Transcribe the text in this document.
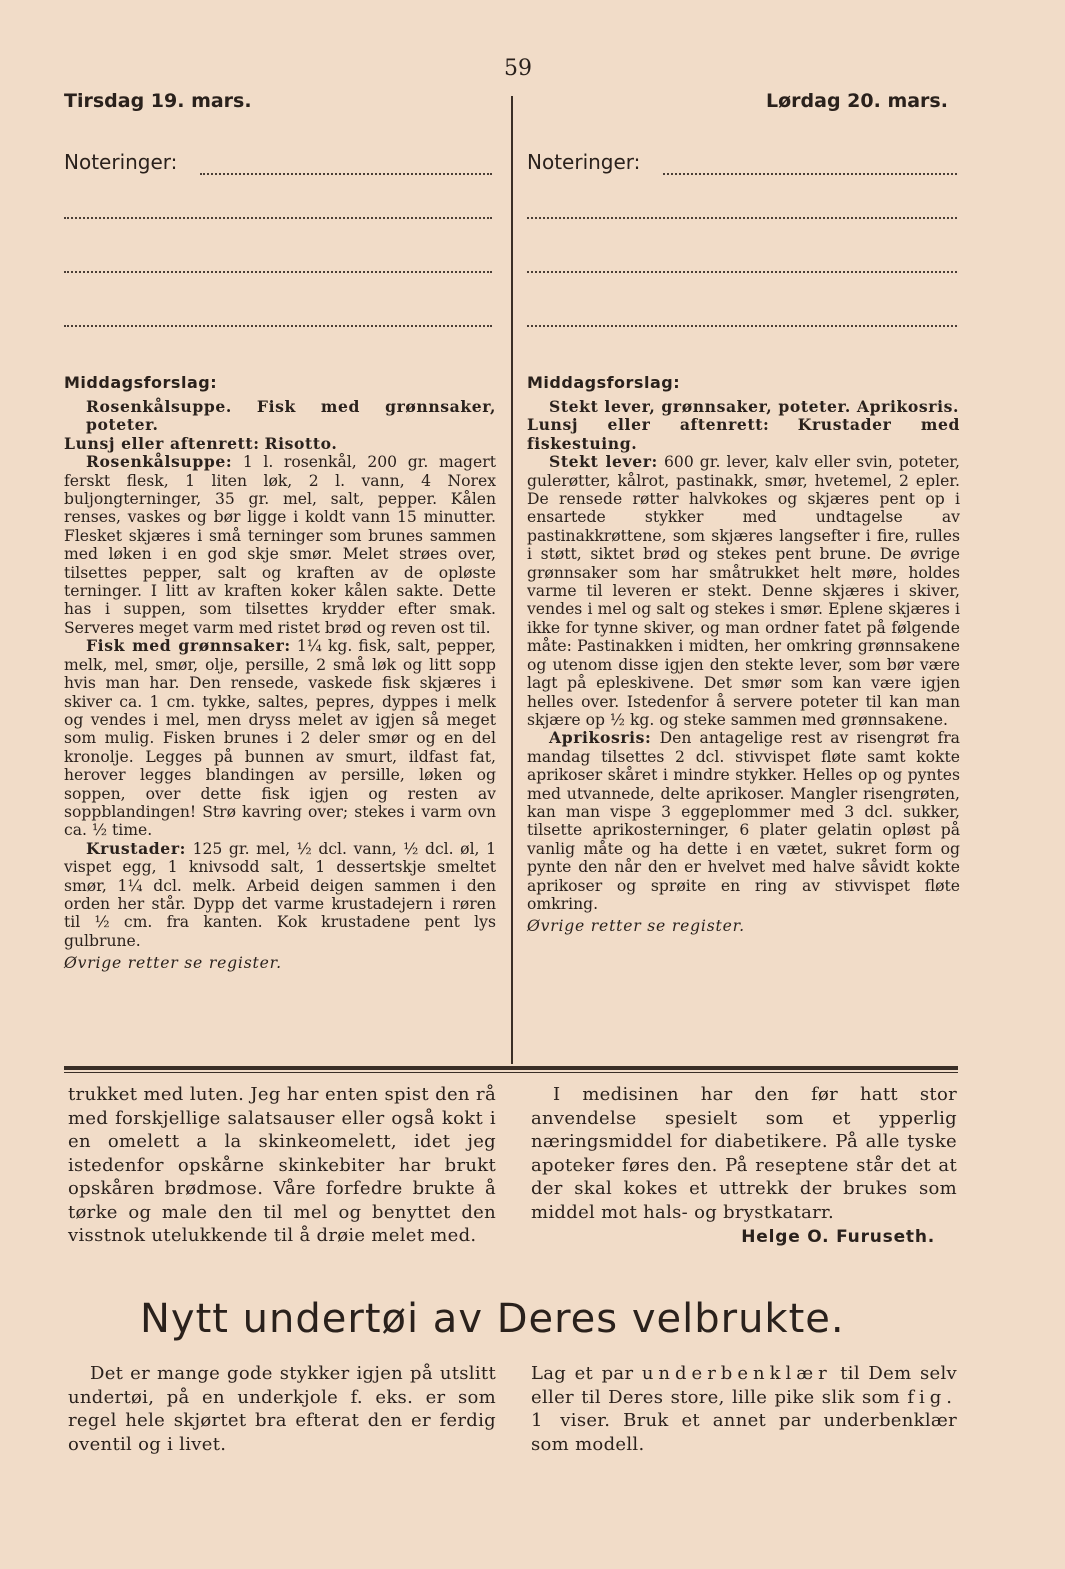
59
Tirsdag 19. mars.
Noteringer:
Middagsforslag:

Rosenkålsuppe. Fisk med grønnsaker, poteter.

Lunsj eller aftenrett: Risotto.

Rosenkålsuppe: 1 l. rosenkål, 200 gr. magert ferskt flesk, 1 liten løk, 2 l. vann, 4 Norex buljongterninger, 35 gr. mel, salt, pepper. Kålen renses, vaskes og bør ligge i koldt vann 15 minutter. Flesket skjæres i små terninger som brunes sammen med løken i en god skje smør. Melet strøes over, tilsettes pepper, salt og kraften av de opløste terninger. I litt av kraften koker kålen sakte. Dette has i suppen, som tilsettes krydder efter smak. Serveres meget varm med ristet brød og reven ost til.

Fisk med grønnsaker: 1¼ kg. fisk, salt, pepper, melk, mel, smør, olje, persille, 2 små løk og litt sopp hvis man har. Den rensede, vaskede fisk skjæres i skiver ca. 1 cm. tykke, saltes, pepres, dyppes i melk og vendes i mel, men dryss melet av igjen så meget som mulig. Fisken brunes i 2 deler smør og en del kronolje. Legges på bunnen av smurt, ildfast fat, herover legges blandingen av persille, løken og soppen, over dette fisk igjen og resten av soppblandingen! Strø kavring over; stekes i varm ovn ca. ½ time.

Krustader: 125 gr. mel, ½ dcl. vann, ½ dcl. øl, 1 vispet egg, 1 knivsodd salt, 1 dessertskje smeltet smør, 1¼ dcl. melk. Arbeid deigen sammen i den orden her står. Dypp det varme krustadejern i røren til ½ cm. fra kanten. Kok krustadene pent lys gulbrune.

Øvrige retter se register.

Lørdag 20. mars.
Noteringer:
Middagsforslag:

Stekt lever, grønnsaker, poteter. Aprikosris.

Lunsj eller aftenrett: Krustader med fiskestuing.

Stekt lever: 600 gr. lever, kalv eller svin, poteter, gulerøtter, kålrot, pastinakk, smør, hvetemel, 2 epler. De rensede røtter halvkokes og skjæres pent op i ensartede stykker med undtagelse av pastinakkrøttene, som skjæres langsefter i fire, rulles i støtt, siktet brød og stekes pent brune. De øvrige grønnsaker som har småtrukket helt møre, holdes varme til leveren er stekt. Denne skjæres i skiver, vendes i mel og salt og stekes i smør. Eplene skjæres i ikke for tynne skiver, og man ordner fatet på følgende måte: Pastinakken i midten, her omkring grønnsakene og utenom disse igjen den stekte lever, som bør være lagt på epleskivene. Det smør som kan være igjen helles over. Istedenfor å servere poteter til kan man skjære op ½ kg. og steke sammen med grønnsakene.

Aprikosris: Den antagelige rest av risengrøt fra mandag tilsettes 2 dcl. stivvispet fløte samt kokte aprikoser skåret i mindre stykker. Helles op og pyntes med utvannede, delte aprikoser. Mangler risengrøten, kan man vispe 3 eggeplommer med 3 dcl. sukker, tilsette aprikosterninger, 6 plater gelatin opløst på vanlig måte og ha dette i en vætet, sukret form og pynte den når den er hvelvet med halve såvidt kokte aprikoser og sprøite en ring av stivvispet fløte omkring.

Øvrige retter se register.

trukket med luten. Jeg har enten spist den rå med forskjellige salatsauser eller også kokt i en omelett a la skinkeomelett, idet jeg istedenfor opskårne skinkebiter har brukt opskåren brødmose. Våre forfedre brukte å tørke og male den til mel og benyttet den visstnok utelukkende til å drøie melet med.

I medisinen har den før hatt stor anvendelse spesielt som et ypperlig næringsmiddel for diabetikere. På alle tyske apoteker føres den. På reseptene står det at der skal kokes et uttrekk der brukes som middel mot hals- og brystkatarr.

Helge O. Furuseth.

Nytt undertøi av Deres velbrukte.

Det er mange gode stykker igjen på utslitt undertøi, på en underkjole f. eks. er som regel hele skjørtet bra efterat den er ferdig oventil og i livet.

Lag et par underbenklær til Dem selv eller til Deres store, lille pike slik som fig. 1 viser. Bruk et annet par underbenklær som modell.
